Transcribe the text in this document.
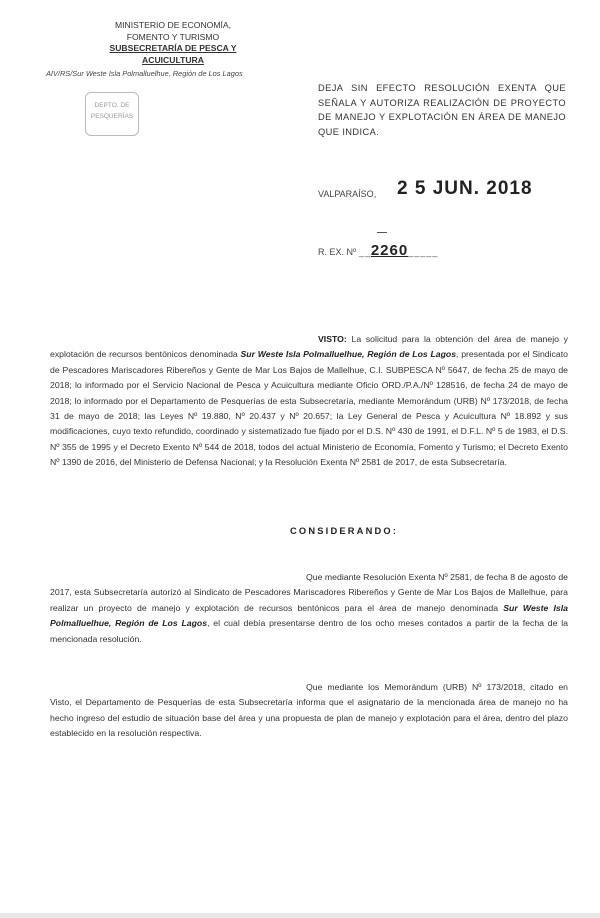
MINISTERIO DE ECONOMÍA,
FOMENTO Y TURISMO
SUBSECRETARÍA DE PESCA Y ACUICULTURA
AIV/RS/Sur Weste Isla Polmalluelhue, Región de Los Lagos
DEPTO. DE
PESQUERÍAS
DEJA SIN EFECTO RESOLUCIÓN EXENTA QUE SEÑALA Y AUTORIZA REALIZACIÓN DE PROYECTO DE MANEJO Y EXPLOTACIÓN EN ÁREA DE MANEJO QUE INDICA.
VALPARAÍSO, 2 5 JUN. 2018
R. EX. Nº __2260_____
VISTO: La solicitud para la obtención del área de manejo y explotación de recursos bentónicos denominada Sur Weste Isla Polmalluelhue, Región de Los Lagos, presentada por el Sindicato de Pescadores Mariscadores Ribereños y Gente de Mar Los Bajos de Mallelhue, C.I. SUBPESCA Nº 5647, de fecha 25 de mayo de 2018; lo informado por el Servicio Nacional de Pesca y Acuicultura mediante Oficio ORD./P.A./Nº 128516, de fecha 24 de mayo de 2018; lo informado por el Departamento de Pesquerías de esta Subsecretaría, mediante Memorándum (URB) Nº 173/2018, de fecha 31 de mayo de 2018; las Leyes Nº 19.880, Nº 20.437 y Nº 20.657; la Ley General de Pesca y Acuicultura Nº 18.892 y sus modificaciones, cuyo texto refundido, coordinado y sistematizado fue fijado por el D.S. Nº 430 de 1991, el D.F.L. Nº 5 de 1983, el D.S. Nº 355 de 1995 y el Decreto Exento Nº 544 de 2018, todos del actual Ministerio de Economía, Fomento y Turismo; el Decreto Exento Nº 1390 de 2016, del Ministerio de Defensa Nacional; y la Resolución Exenta Nº 2581 de 2017, de esta Subsecretaría.
CONSIDERANDO:
Que mediante Resolución Exenta Nº 2581, de fecha 8 de agosto de 2017, esta Subsecretaría autorizó al Sindicato de Pescadores Mariscadores Ribereños y Gente de Mar Los Bajos de Mallelhue, para realizar un proyecto de manejo y explotación de recursos bentónicos para el área de manejo denominada Sur Weste Isla Polmalluelhue, Región de Los Lagos, el cual debía presentarse dentro de los ocho meses contados a partir de la fecha de la mencionada resolución.
Que mediante los Memorándum (URB) Nº 173/2018, citado en Visto, el Departamento de Pesquerías de esta Subsecretaría informa que el asignatario de la mencionada área de manejo no ha hecho ingreso del estudio de situación base del área y una propuesta de plan de manejo y explotación para el área, dentro del plazo establecido en la resolución respectiva.
